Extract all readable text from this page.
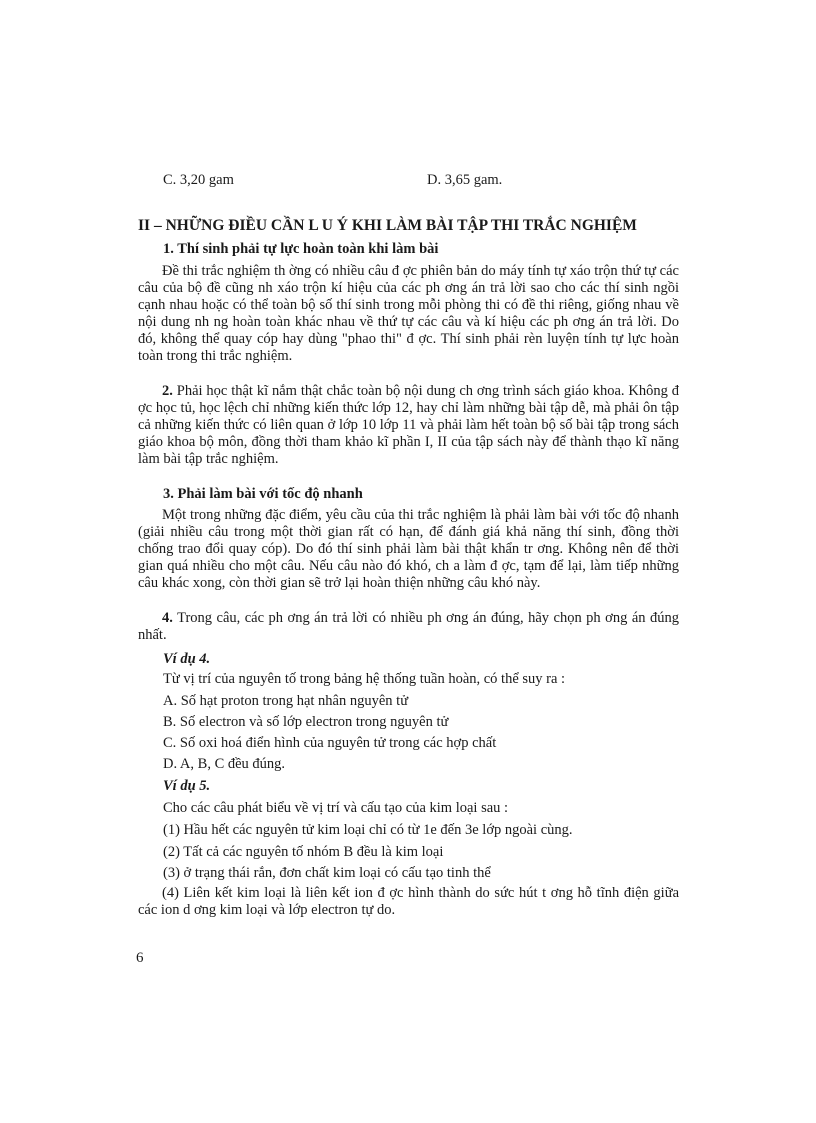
C. 3,20 gam	D. 3,65 gam.
II – NHỮNG ĐIỀU CẦN L U Ý KHI LÀM BÀI TẬP THI TRẮC NGHIỆM
1. Thí sinh phải tự lực hoàn toàn khi làm bài

Đề thi trắc nghiệm th ờng có nhiều câu đ ợc phiên bản do máy tính tự xáo trộn thứ tự các câu của bộ đề cũng nh xáo trộn kí hiệu của các ph ơng án trả lời sao cho các thí sinh ngồi cạnh nhau hoặc có thể toàn bộ số thí sinh trong mỗi phòng thi có đề thi riêng, giống nhau về nội dung nh ng hoàn toàn khác nhau về thứ tự các câu và kí hiệu các ph ơng án trả lời. Do đó, không thể quay cóp hay dùng "phao thi" đ ợc. Thí sinh phải rèn luyện tính tự lực hoàn toàn trong thi trắc nghiệm.

2. Phải học thật kĩ nắm thật chắc toàn bộ nội dung ch ơng trình sách giáo khoa. Không đ ợc học tủ, học lệch chỉ những kiến thức lớp 12, hay chỉ làm những bài tập dễ, mà phải ôn tập cả những kiến thức có liên quan ở lớp 10 lớp 11 và phải làm hết toàn bộ số bài tập trong sách giáo khoa bộ môn, đồng thời tham khảo kĩ phần I, II của tập sách này để thành thạo kĩ năng làm bài tập trắc nghiệm.

3. Phải làm bài với tốc độ nhanh

Một trong những đặc điểm, yêu cầu của thi trắc nghiệm là phải làm bài với tốc độ nhanh (giải nhiều câu trong một thời gian rất có hạn, để đánh giá khả năng thí sinh, đồng thời chống trao đổi quay cóp). Do đó thí sinh phải làm bài thật khẩn tr ơng. Không nên để thời gian quá nhiều cho một câu. Nếu câu nào đó khó, ch a làm đ ợc, tạm để lại, làm tiếp những câu khác xong, còn thời gian sẽ trở lại hoàn thiện những câu khó này.

4. Trong câu, các ph ơng án trả lời có nhiều ph ơng án đúng, hãy chọn ph ơng án đúng nhất.

Ví dụ 4.
Từ vị trí của nguyên tố trong bảng hệ thống tuần hoàn, có thể suy ra :
A. Số hạt proton trong hạt nhân nguyên tử
B. Số electron và số lớp electron trong nguyên tử
C. Số oxi hoá điển hình của nguyên tử trong các hợp chất
D. A, B, C đều đúng.
Ví dụ 5.
Cho các câu phát biểu về vị trí và cấu tạo của kim loại sau :
(1) Hầu hết các nguyên tử kim loại chỉ có từ 1e đến 3e lớp ngoài cùng.
(2) Tất cả các nguyên tố nhóm B đều là kim loại
(3) ở trạng thái rắn, đơn chất kim loại có cấu tạo tinh thể

(4) Liên kết kim loại là liên kết ion đ ợc hình thành do sức hút t ơng hỗ tĩnh điện giữa các ion d ơng kim loại và lớp electron tự do.

6
